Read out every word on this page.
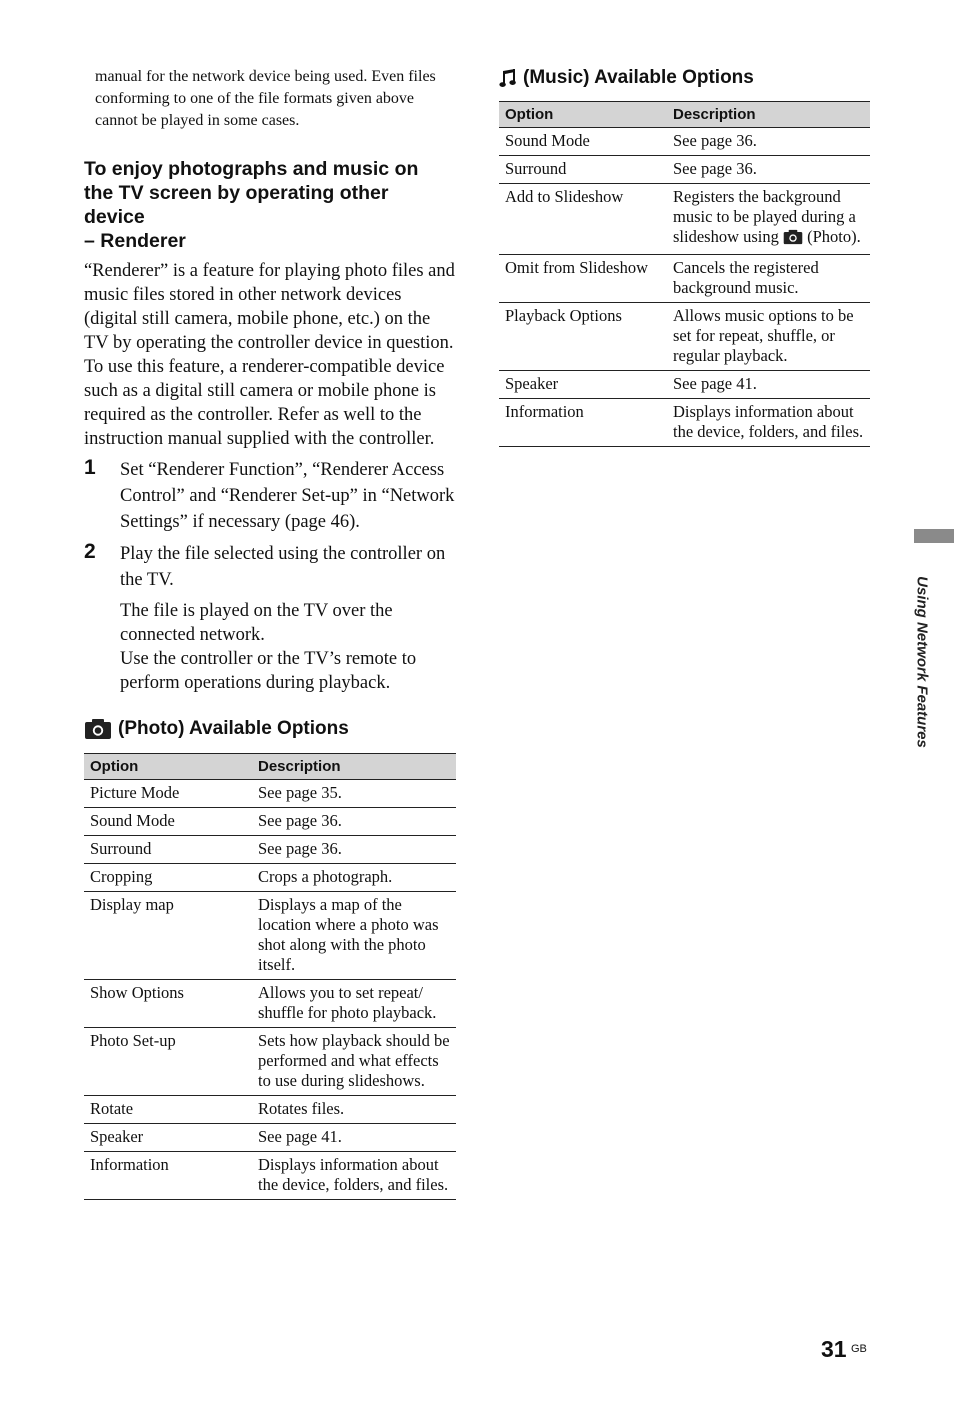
manual for the network device being used. Even files conforming to one of the file formats given above cannot be played in some cases.

To enjoy photographs and music on the TV screen by operating other device
– Renderer

“Renderer” is a feature for playing photo files and music files stored in other network devices (digital still camera, mobile phone, etc.) on the TV by operating the controller device in question. To use this feature, a renderer-compatible device such as a digital still camera or mobile phone is required as the controller. Refer as well to the instruction manual supplied with the controller.

1 Set “Renderer Function”, “Renderer Access Control” and “Renderer Set-up” in “Network Settings” if necessary (page 46).
2 Play the file selected using the controller on the TV.
The file is played on the TV over the connected network.
Use the controller or the TV’s remote to perform operations during playback.
(Photo) Available Options
Option	Description
Picture Mode	See page 35.
Sound Mode	See page 36.
Surround	See page 36.
Cropping	Crops a photograph.
Display map	Displays a map of the location where a photo was shot along with the photo itself.
Show Options	Allows you to set repeat/ shuffle for photo playback.
Photo Set-up	Sets how playback should be performed and what effects to use during slideshows.
Rotate	Rotates files.
Speaker	See page 41.
Information	Displays information about the device, folders, and files.
(Music) Available Options
Option	Description
Sound Mode	See page 36.
Surround	See page 36.
Add to Slideshow	Registers the background music to be played during a slideshow using (Photo).
Omit from Slideshow	Cancels the registered background music.
Playback Options	Allows music options to be set for repeat, shuffle, or regular playback.
Speaker	See page 41.
Information	Displays information about the device, folders, and files.
Using Network Features
31 GB
